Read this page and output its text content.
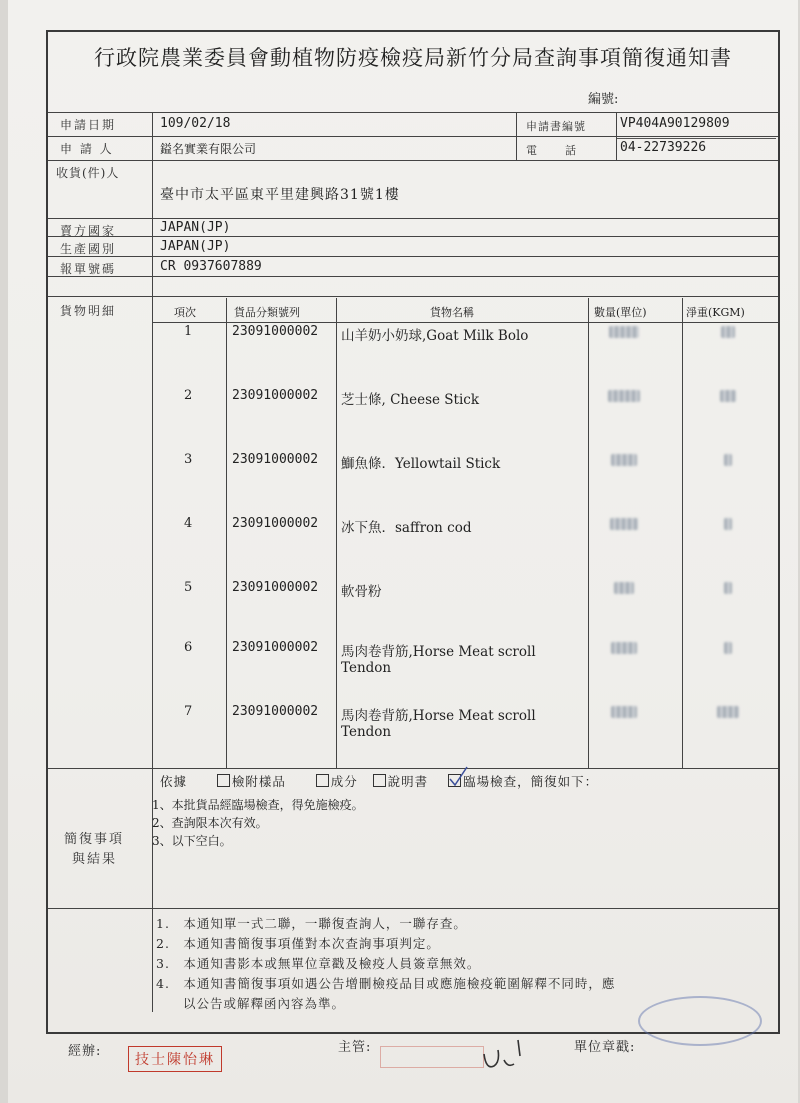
行政院農業委員會動植物防疫檢疫局新竹分局查詢事項簡復通知書
編號:
申請日期	109/02/18	申請書編號	VP404A90129809
申 請 人	鎰名實業有限公司	電　　話	04-22739226
收貨(件)人
臺中市太平區東平里建興路31號1樓
賣方國家	JAPAN(JP)
生產國別	JAPAN(JP)
報單號碼	CR 0937607889
貨物明細	項次	貨品分類號列	貨物名稱	數量(單位)	淨重(KGM)
1	23091000002 山羊奶小奶球,Goat Milk Bolo
2	23091000002 芝士條, Cheese Stick
3	23091000002 鰤魚條．Yellowtail Stick
4	23091000002 冰下魚．saffron cod
5	23091000002 軟骨粉
6	23091000002 馬肉卷背筋,Horse Meat scroll
Tendon
7	23091000002 馬肉卷背筋,Horse Meat scroll
Tendon
簡復事項
與結果
依據	檢附樣品	成分 說明書	臨場檢查，簡復如下：
1、本批貨品經臨場檢查，得免施檢疫。
2、查詢限本次有效。
3、以下空白。
1.　本通知單一式二聯，一聯復查詢人，一聯存查。
2.　本通知書簡復事項僅對本次查詢事項判定。
3.　本通知書影本或無單位章戳及檢疫人員簽章無效。
4.　本通知書簡復事項如遇公告增刪檢疫品目或應施檢疫範圍解釋不同時，應
　　以公告或解釋函內容為準。
經辦:
技士陳怡琳
主管:	單位章戳:
